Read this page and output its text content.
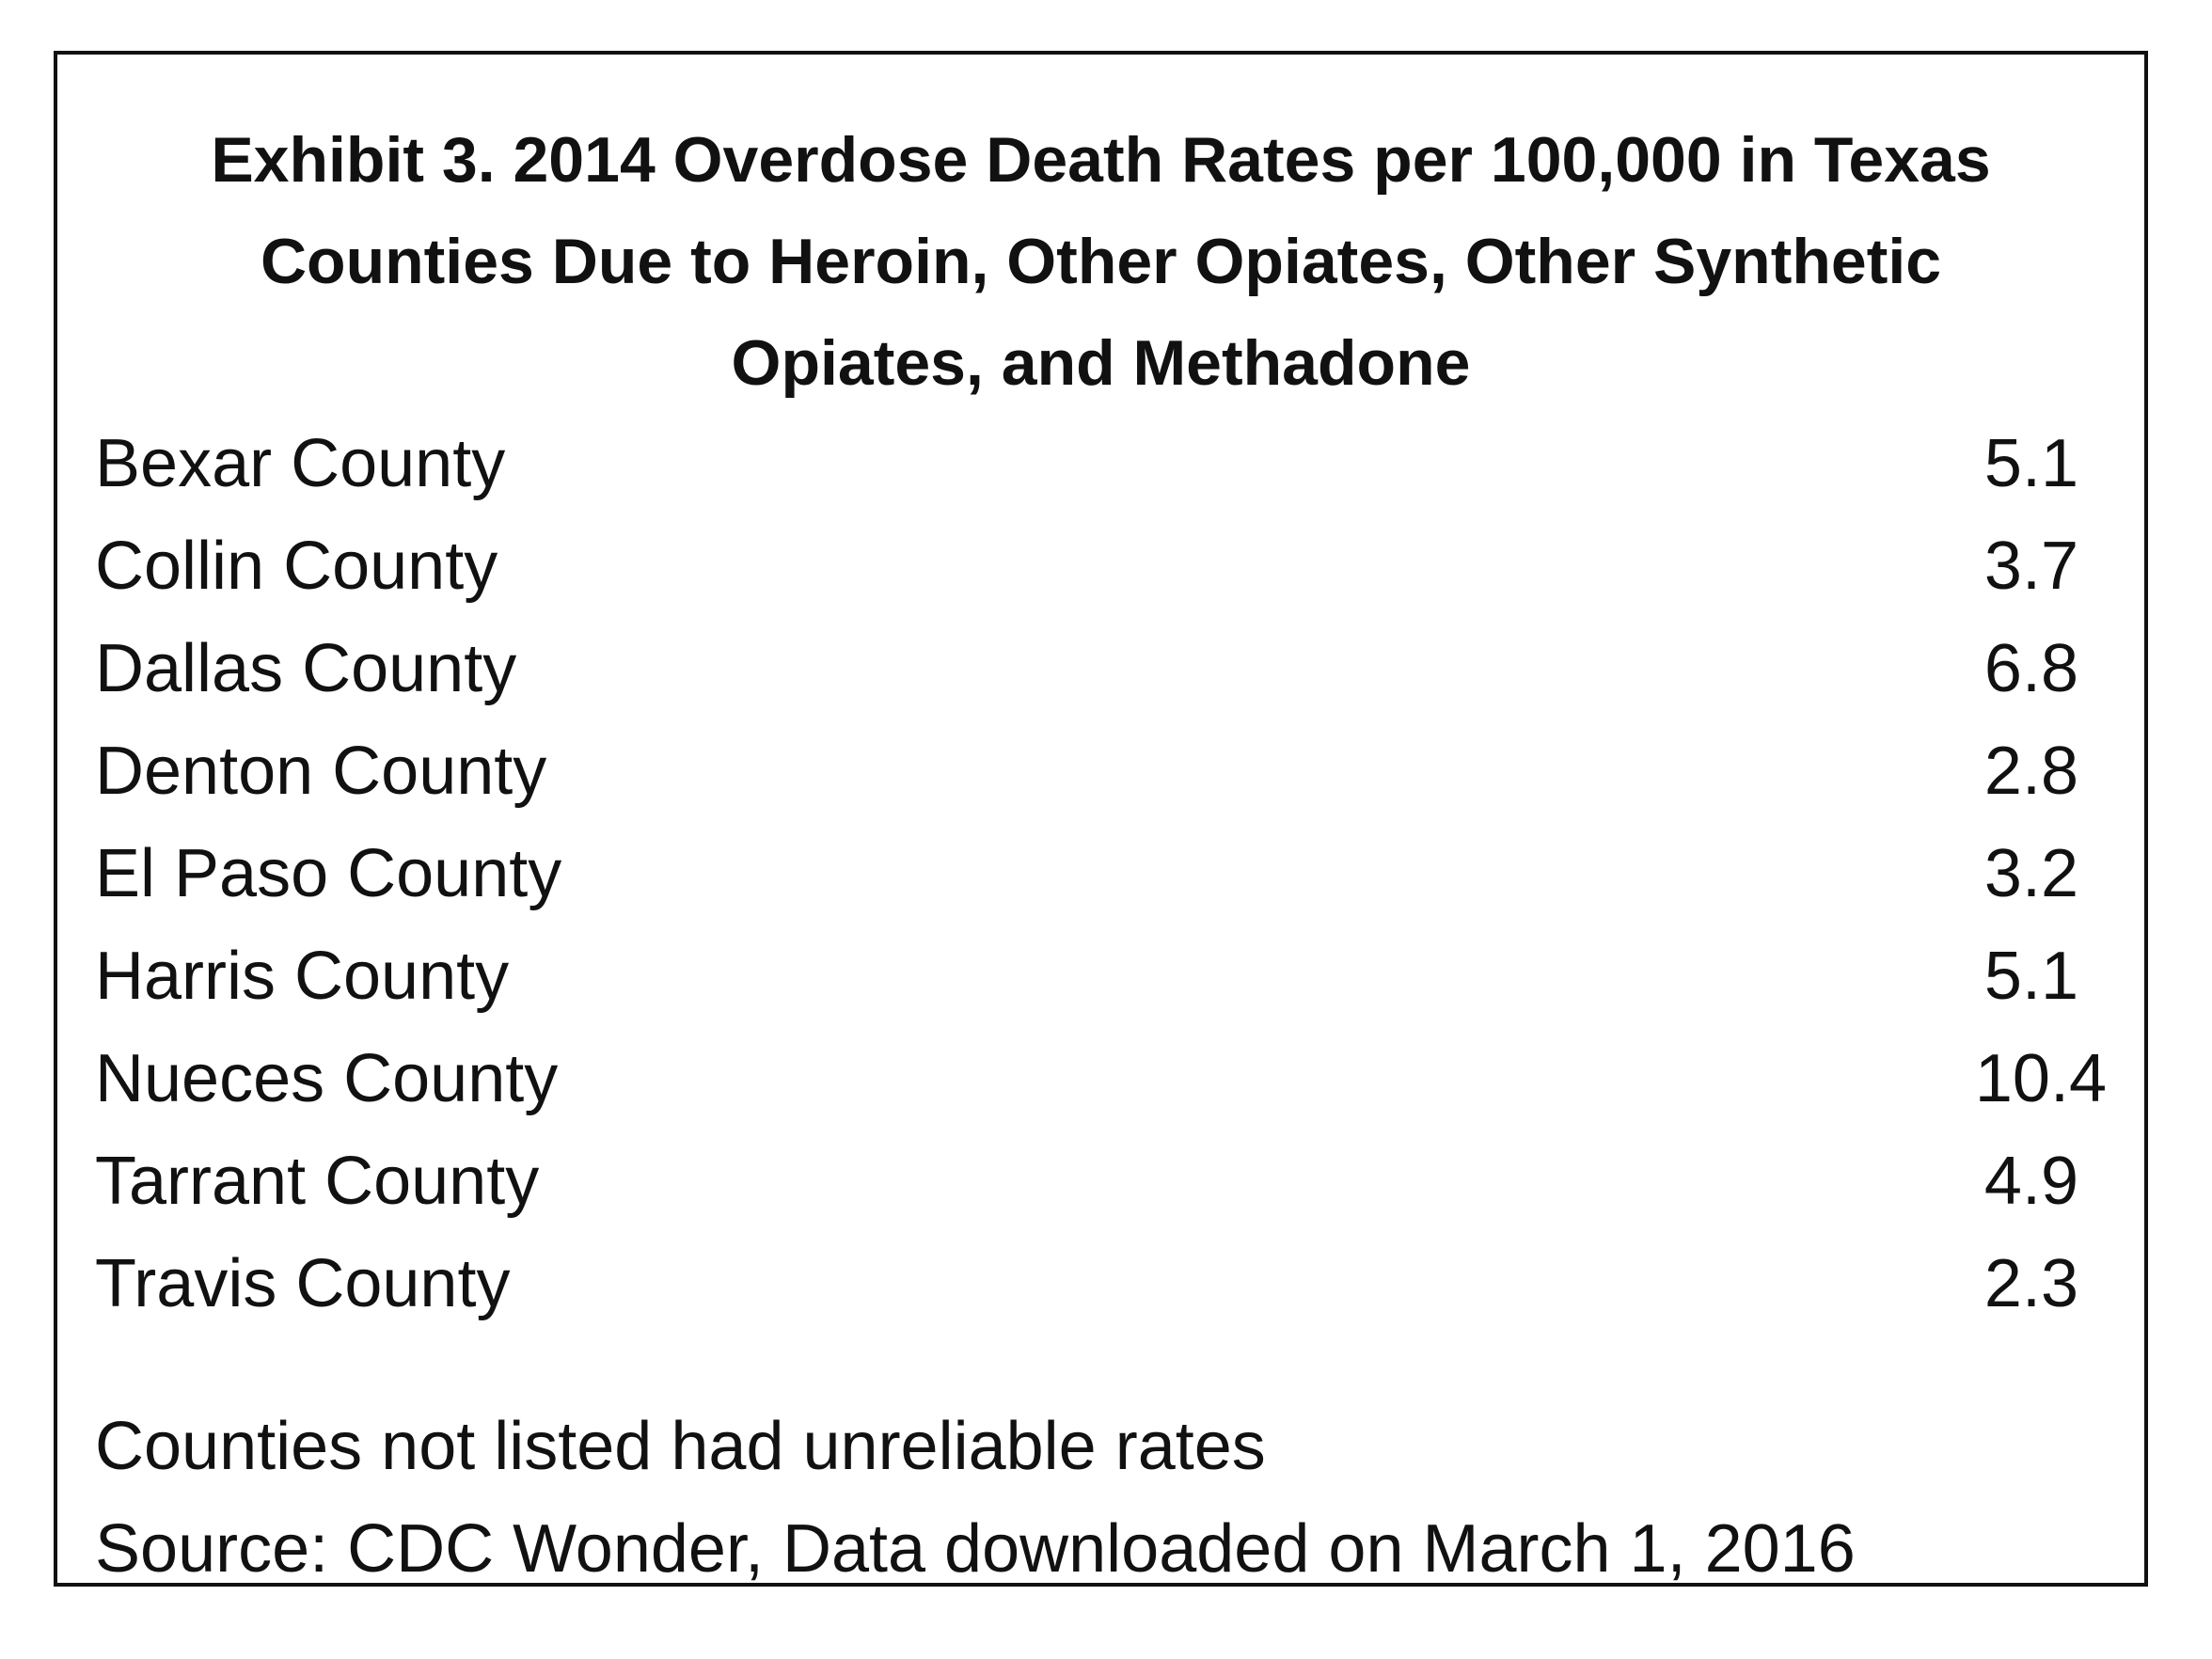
Exhibit 3. 2014 Overdose Death Rates per 100,000 in Texas
Counties Due to Heroin, Other Opiates, Other Synthetic
Opiates, and Methadone
Bexar County	5.1
Collin County	3.7
Dallas County	6.8
Denton County	2.8
El Paso County	3.2
Harris County	5.1
Nueces County	10.4
Tarrant County	4.9
Travis County	2.3
Counties not listed had unreliable rates
Source: CDC Wonder, Data downloaded on March 1, 2016
